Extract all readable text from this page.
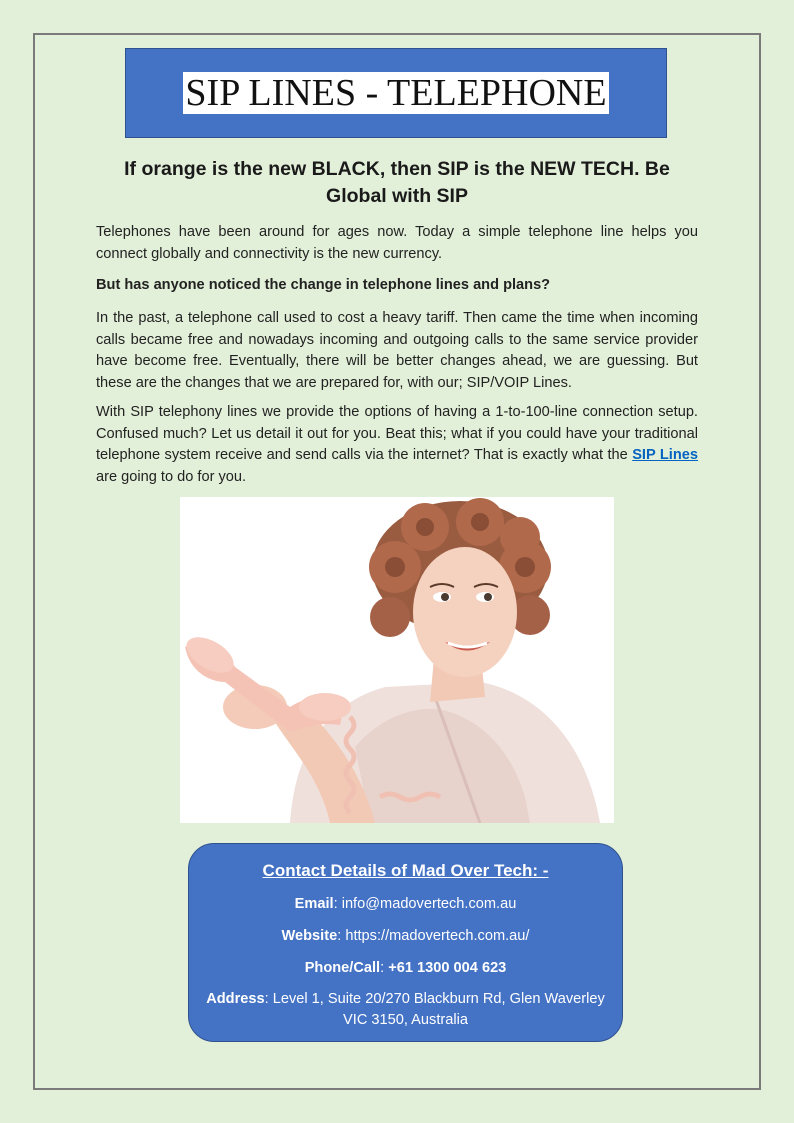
SIP LINES - TELEPHONE
If orange is the new BLACK, then SIP is the NEW TECH. Be Global with SIP

Telephones have been around for ages now. Today a simple telephone line helps you connect globally and connectivity is the new currency.

But has anyone noticed the change in telephone lines and plans?

In the past, a telephone call used to cost a heavy tariff. Then came the time when incoming calls became free and nowadays incoming and outgoing calls to the same service provider have become free. Eventually, there will be better changes ahead, we are guessing. But these are the changes that we are prepared for, with our; SIP/VOIP Lines.

With SIP telephony lines we provide the options of having a 1-to-100-line connection setup. Confused much? Let us detail it out for you. Beat this; what if you could have your traditional telephone system receive and send calls via the internet? That is exactly what the SIP Lines are going to do for you.

Contact Details of Mad Over Tech: -
Email: info@madovertech.com.au
Website: https://madovertech.com.au/
Phone/Call: +61 1300 004 623
Address: Level 1, Suite 20/270 Blackburn Rd, Glen Waverley VIC 3150, Australia
